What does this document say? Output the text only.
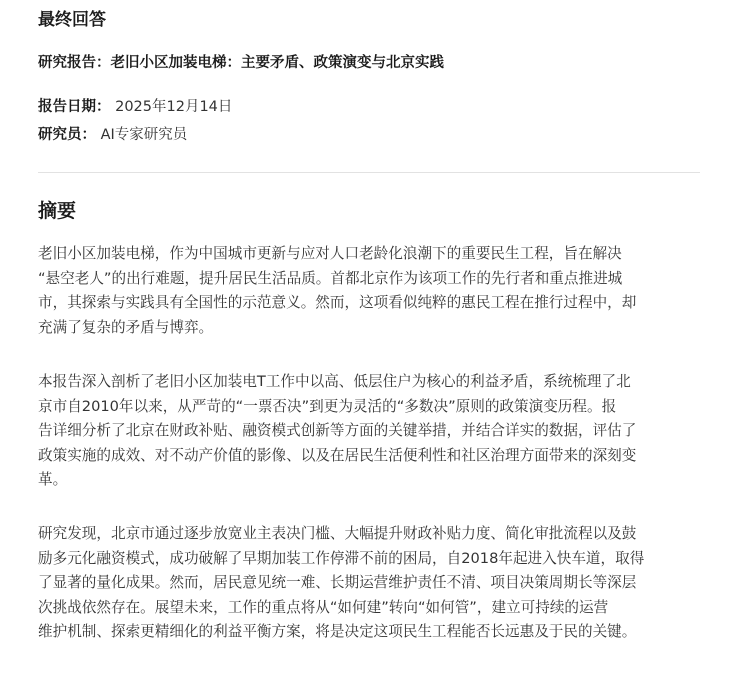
最终回答
研究报告：老旧小区加装电梯：主要矛盾、政策演变与北京实践

报告日期： 2025年12月14日

研究员： AI专家研究员

摘要

老旧小区加装电梯，作为中国城市更新与应对人口老龄化浪潮下的重要民生工程，旨在解决
“悬空老人”的出行难题，提升居民生活品质。首都北京作为该项工作的先行者和重点推进城
市，其探索与实践具有全国性的示范意义。然而，这项看似纯粹的惠民工程在推行过程中，却
充满了复杂的矛盾与博弈。

本报告深入剖析了老旧小区加装电T工作中以高、低层住户为核心的利益矛盾，系统梳理了北
京市自2010年以来，从严苛的“一票否决”到更为灵活的“多数决”原则的政策演变历程。报
告详细分析了北京在财政补贴、融资模式创新等方面的关键举措，并结合详实的数据，评估了
政策实施的成效、对不动产价值的影像、以及在居民生活便利性和社区治理方面带来的深刻变
革。

研究发现，北京市通过逐步放宽业主表决门槛、大幅提升财政补贴力度、简化审批流程以及鼓
励多元化融资模式，成功破解了早期加装工作停滞不前的困局，自2018年起进入快车道，取得
了显著的量化成果。然而，居民意见统一难、长期运营维护责任不清、项目决策周期长等深层
次挑战依然存在。展望未来，工作的重点将从“如何建”转向“如何管”，建立可持续的运营
维护机制、探索更精细化的利益平衡方案，将是决定这项民生工程能否长远惠及于民的关键。
